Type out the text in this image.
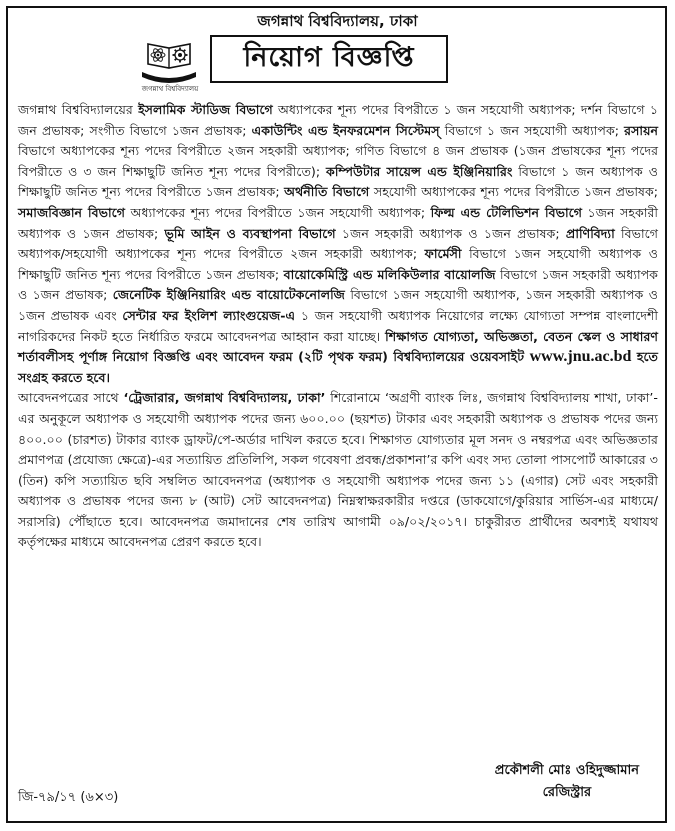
জগন্নাথ বিশ্ববিদ্যালয়, ঢাকা
জগন্নাথ বিশ্ববিদ্যালয়
নিয়োগ বিজ্ঞপ্তি

জগন্নাথ বিশ্ববিদ্যালয়ের ইসলামিক স্টাডিজ বিভাগে অধ্যাপকের শূন্য পদের বিপরীতে ১ জন সহযোগী অধ্যাপক; দর্শন বিভাগে ১ জন প্রভাষক; সংগীত বিভাগে ১জন প্রভাষক; একাউন্টিং এন্ড ইনফরমেশন সিস্টেমস্ বিভাগে ১ জন সহযোগী অধ্যাপক; রসায়ন বিভাগে অধ্যাপকের শূন্য পদের বিপরীতে ২জন সহকারী অধ্যাপক; গণিত বিভাগে ৪ জন প্রভাষক (১জন প্রভাষকের শূন্য পদের বিপরীতে ও ৩ জন শিক্ষাছুটি জনিত শূন্য পদের বিপরীতে); কম্পিউটার সায়েন্স এন্ড ইঞ্জিনিয়ারিং বিভাগে ১ জন অধ্যাপক ও শিক্ষাছুটি জনিত শূন্য পদের বিপরীতে ১জন প্রভাষক; অর্থনীতি বিভাগে সহযোগী অধ্যাপকের শূন্য পদের বিপরীতে ১জন প্রভাষক; সমাজবিজ্ঞান বিভাগে অধ্যাপকের শূন্য পদের বিপরীতে ১জন সহযোগী অধ্যাপক; ফিল্ম এন্ড টেলিভিশন বিভাগে ১জন সহকারী অধ্যাপক ও ১জন প্রভাষক; ভূমি আইন ও ব্যবস্থাপনা বিভাগে ১জন সহকারী অধ্যাপক ও ১জন প্রভাষক; প্রাণিবিদ্যা বিভাগে অধ্যাপক/সহযোগী অধ্যাপকের শূন্য পদের বিপরীতে ২জন সহকারী অধ্যাপক; ফার্মেসী বিভাগে ১জন সহযোগী অধ্যাপক ও শিক্ষাছুটি জনিত শূন্য পদের বিপরীতে ১জন প্রভাষক; বায়োকেমিস্ট্রি এন্ড মলিকিউলার বায়োলজি বিভাগে ১জন সহকারী অধ্যাপক ও ১জন প্রভাষক; জেনেটিক ইঞ্জিনিয়ারিং এন্ড বায়োটেকনোলজি বিভাগে ১জন সহযোগী অধ্যাপক, ১জন সহকারী অধ্যাপক ও ১জন প্রভাষক এবং সেন্টার ফর ইংলিশ ল্যাংগুয়েজ-এ ১ জন সহযোগী অধ্যাপক নিয়োগের লক্ষ্যে যোগ্যতা সম্পন্ন বাংলাদেশী নাগরিকদের নিকট হতে নির্ধারিত ফরমে আবেদনপত্র আহ্বান করা যাচ্ছে। শিক্ষাগত যোগ্যতা, অভিজ্ঞতা, বেতন স্কেল ও সাধারণ শর্তাবলীসহ পূর্ণাঙ্গ নিয়োগ বিজ্ঞপ্তি এবং আবেদন ফরম (২টি পৃথক ফরম) বিশ্ববিদ্যালয়ের ওয়েবসাইট www.jnu.ac.bd হতে সংগ্রহ করতে হবে।

আবেদনপত্রের সাথে ‘ট্রেজারার, জগন্নাথ বিশ্ববিদ্যালয়, ঢাকা’ শিরোনামে ‘অগ্রণী ব্যাংক লিঃ, জগন্নাথ বিশ্ববিদ্যালয় শাখা, ঢাকা’- এর অনুকূলে অধ্যাপক ও সহযোগী অধ্যাপক পদের জন্য ৬০০.০০ (ছয়শত) টাকার এবং সহকারী অধ্যাপক ও প্রভাষক পদের জন্য ৪০০.০০ (চারশত) টাকার ব্যাংক ড্রাফট/পে-অর্ডার দাখিল করতে হবে। শিক্ষাগত যোগ্যতার মূল সনদ ও নম্বরপত্র এবং অভিজ্ঞতার প্রমাণপত্র (প্রযোজ্য ক্ষেত্রে)-এর সত্যায়িত প্রতিলিপি, সকল গবেষণা প্রবন্ধ/প্রকাশনা’র কপি এবং সদ্য তোলা পাসপোর্ট আকারের ৩ (তিন) কপি সত্যায়িত ছবি সম্বলিত আবেদনপত্র (অধ্যাপক ও সহযোগী অধ্যাপক পদের জন্য ১১ (এগার) সেট এবং সহকারী অধ্যাপক ও প্রভাষক পদের জন্য ৮ (আট) সেট আবেদনপত্র) নিম্নস্বাক্ষরকারীর দপ্তরে (ডাকযোগে/কুরিয়ার সার্ভিস-এর মাধ্যমে/সরাসরি) পৌঁছাতে হবে। আবেদনপত্র জমাদানের শেষ তারিখ আগামী ০৯/০২/২০১৭। চাকুরীরত প্রার্থীদের অবশ্যই যথাযথ কর্তৃপক্ষের মাধ্যমে আবেদনপত্র প্রেরণ করতে হবে।

জি-৭৯/১৭ (৬×৩)
প্রকৌশলী মোঃ ওহিদুজ্জামান
রেজিস্ট্রার
